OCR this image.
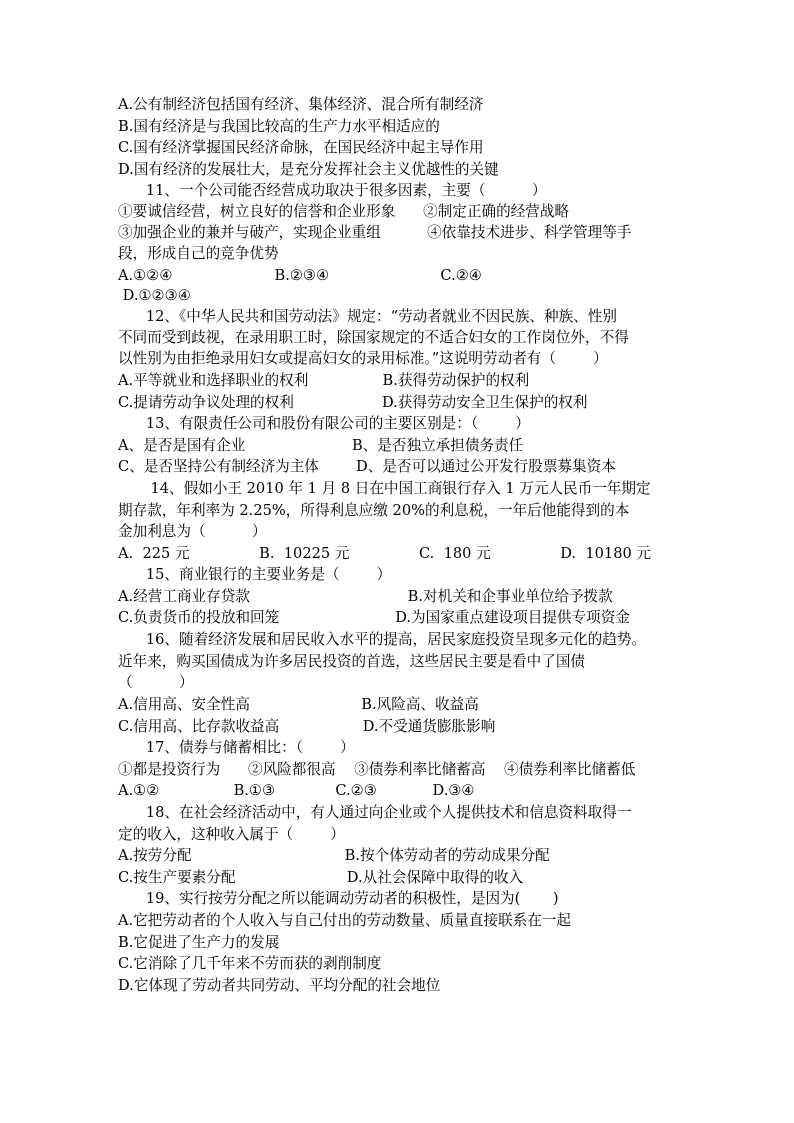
A.公有制经济包括国有经济、集体经济、混合所有制经济
B.国有经济是与我国比较高的生产力水平相适应的
C.国有经济掌握国民经济命脉，在国民经济中起主导作用
D.国有经济的发展壮大，是充分发挥社会主义优越性的关键
11、一个公司能否经营成功取决于很多因素，主要（          ）
①要诚信经营，树立良好的信誉和企业形象      ②制定正确的经营战略
③加强企业的兼并与破产，实现企业重组          ④依靠技术进步、科学管理等手
段，形成自己的竞争优势
A.①②④                      B.②③④                        C.②④
D.①②③④
12、《中华人民共和国劳动法》规定：“劳动者就业不因民族、种族、性别
不同而受到歧视，在录用职工时，除国家规定的不适合妇女的工作岗位外，不得
以性别为由拒绝录用妇女或提高妇女的录用标准。”这说明劳动者有（        ）
A.平等就业和选择职业的权利                B.获得劳动保护的权利
C.提请劳动争议处理的权利                   D.获得劳动安全卫生保护的权利
13、有限责任公司和股份有限公司的主要区别是：（        ）
A、是否是国有企业                       B、是否独立承担债务责任
C、是否坚持公有制经济为主体        D、是否可以通过公开发行股票募集资本
14、假如小王 2010 年 1 月 8 日在中国工商银行存入 1 万元人民币一年期定
期存款，年利率为 2.25%，所得利息应缴 20%的利息税，一年后他能得到的本
金加利息为（          ）
A.  225 元               B.  10225 元               C.  180 元               D.  10180 元
15、商业银行的主要业务是（        ）
A.经营工商业存贷款                                  B.对机关和企事业单位给予拨款
C.负责货币的投放和回笼                         D.为国家重点建设项目提供专项资金
16、随着经济发展和居民收入水平的提高，居民家庭投资呈现多元化的趋势。
近年来，购买国债成为许多居民投资的首选，这些居民主要是看中了国债
（          ）
A.信用高、安全性高                        B.风险高、收益高
C.信用高、比存款收益高                  D.不受通货膨胀影响
17、债券与储蓄相比：（        ）
①都是投资行为      ②风险都很高    ③债券利率比储蓄高    ④债券利率比储蓄低
A.①②                B.①③             C.②③            D.③④
18、在社会经济活动中，有人通过向企业或个人提供技术和信息资料取得一
定的收入，这种收入属于（        ）
A.按劳分配                                 B.按个体劳动者的劳动成果分配
C.按生产要素分配                        D.从社会保障中取得的收入
19、实行按劳分配之所以能调动劳动者的积极性，是因为(       )
A.它把劳动者的个人收入与自己付出的劳动数量、质量直接联系在一起
B.它促进了生产力的发展
C.它消除了几千年来不劳而获的剥削制度
D.它体现了劳动者共同劳动、平均分配的社会地位
